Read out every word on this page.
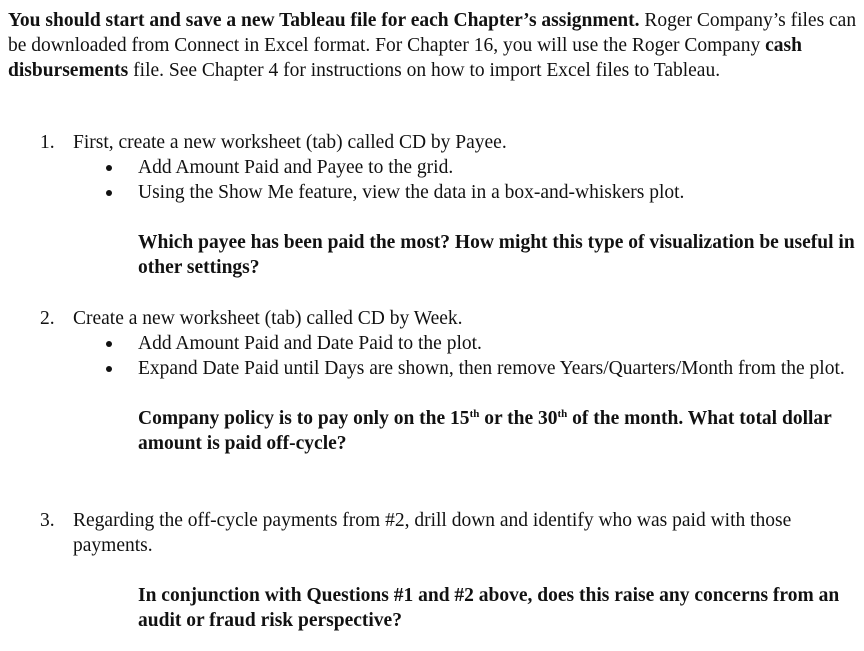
You should start and save a new Tableau file for each Chapter’s assignment. Roger Company’s files can be downloaded from Connect in Excel format. For Chapter 16, you will use the Roger Company cash disbursements file. See Chapter 4 for instructions on how to import Excel files to Tableau.

1. First, create a new worksheet (tab) called CD by Payee.
Add Amount Paid and Payee to the grid.
Using the Show Me feature, view the data in a box-and-whiskers plot.
Which payee has been paid the most? How might this type of visualization be useful in other settings?
2. Create a new worksheet (tab) called CD by Week.
Add Amount Paid and Date Paid to the plot.
Expand Date Paid until Days are shown, then remove Years/Quarters/Month from the plot.
Company policy is to pay only on the 15th or the 30th of the month. What total dollar amount is paid off-cycle?
3. Regarding the off-cycle payments from #2, drill down and identify who was paid with those payments.
In conjunction with Questions #1 and #2 above, does this raise any concerns from an audit or fraud risk perspective?
